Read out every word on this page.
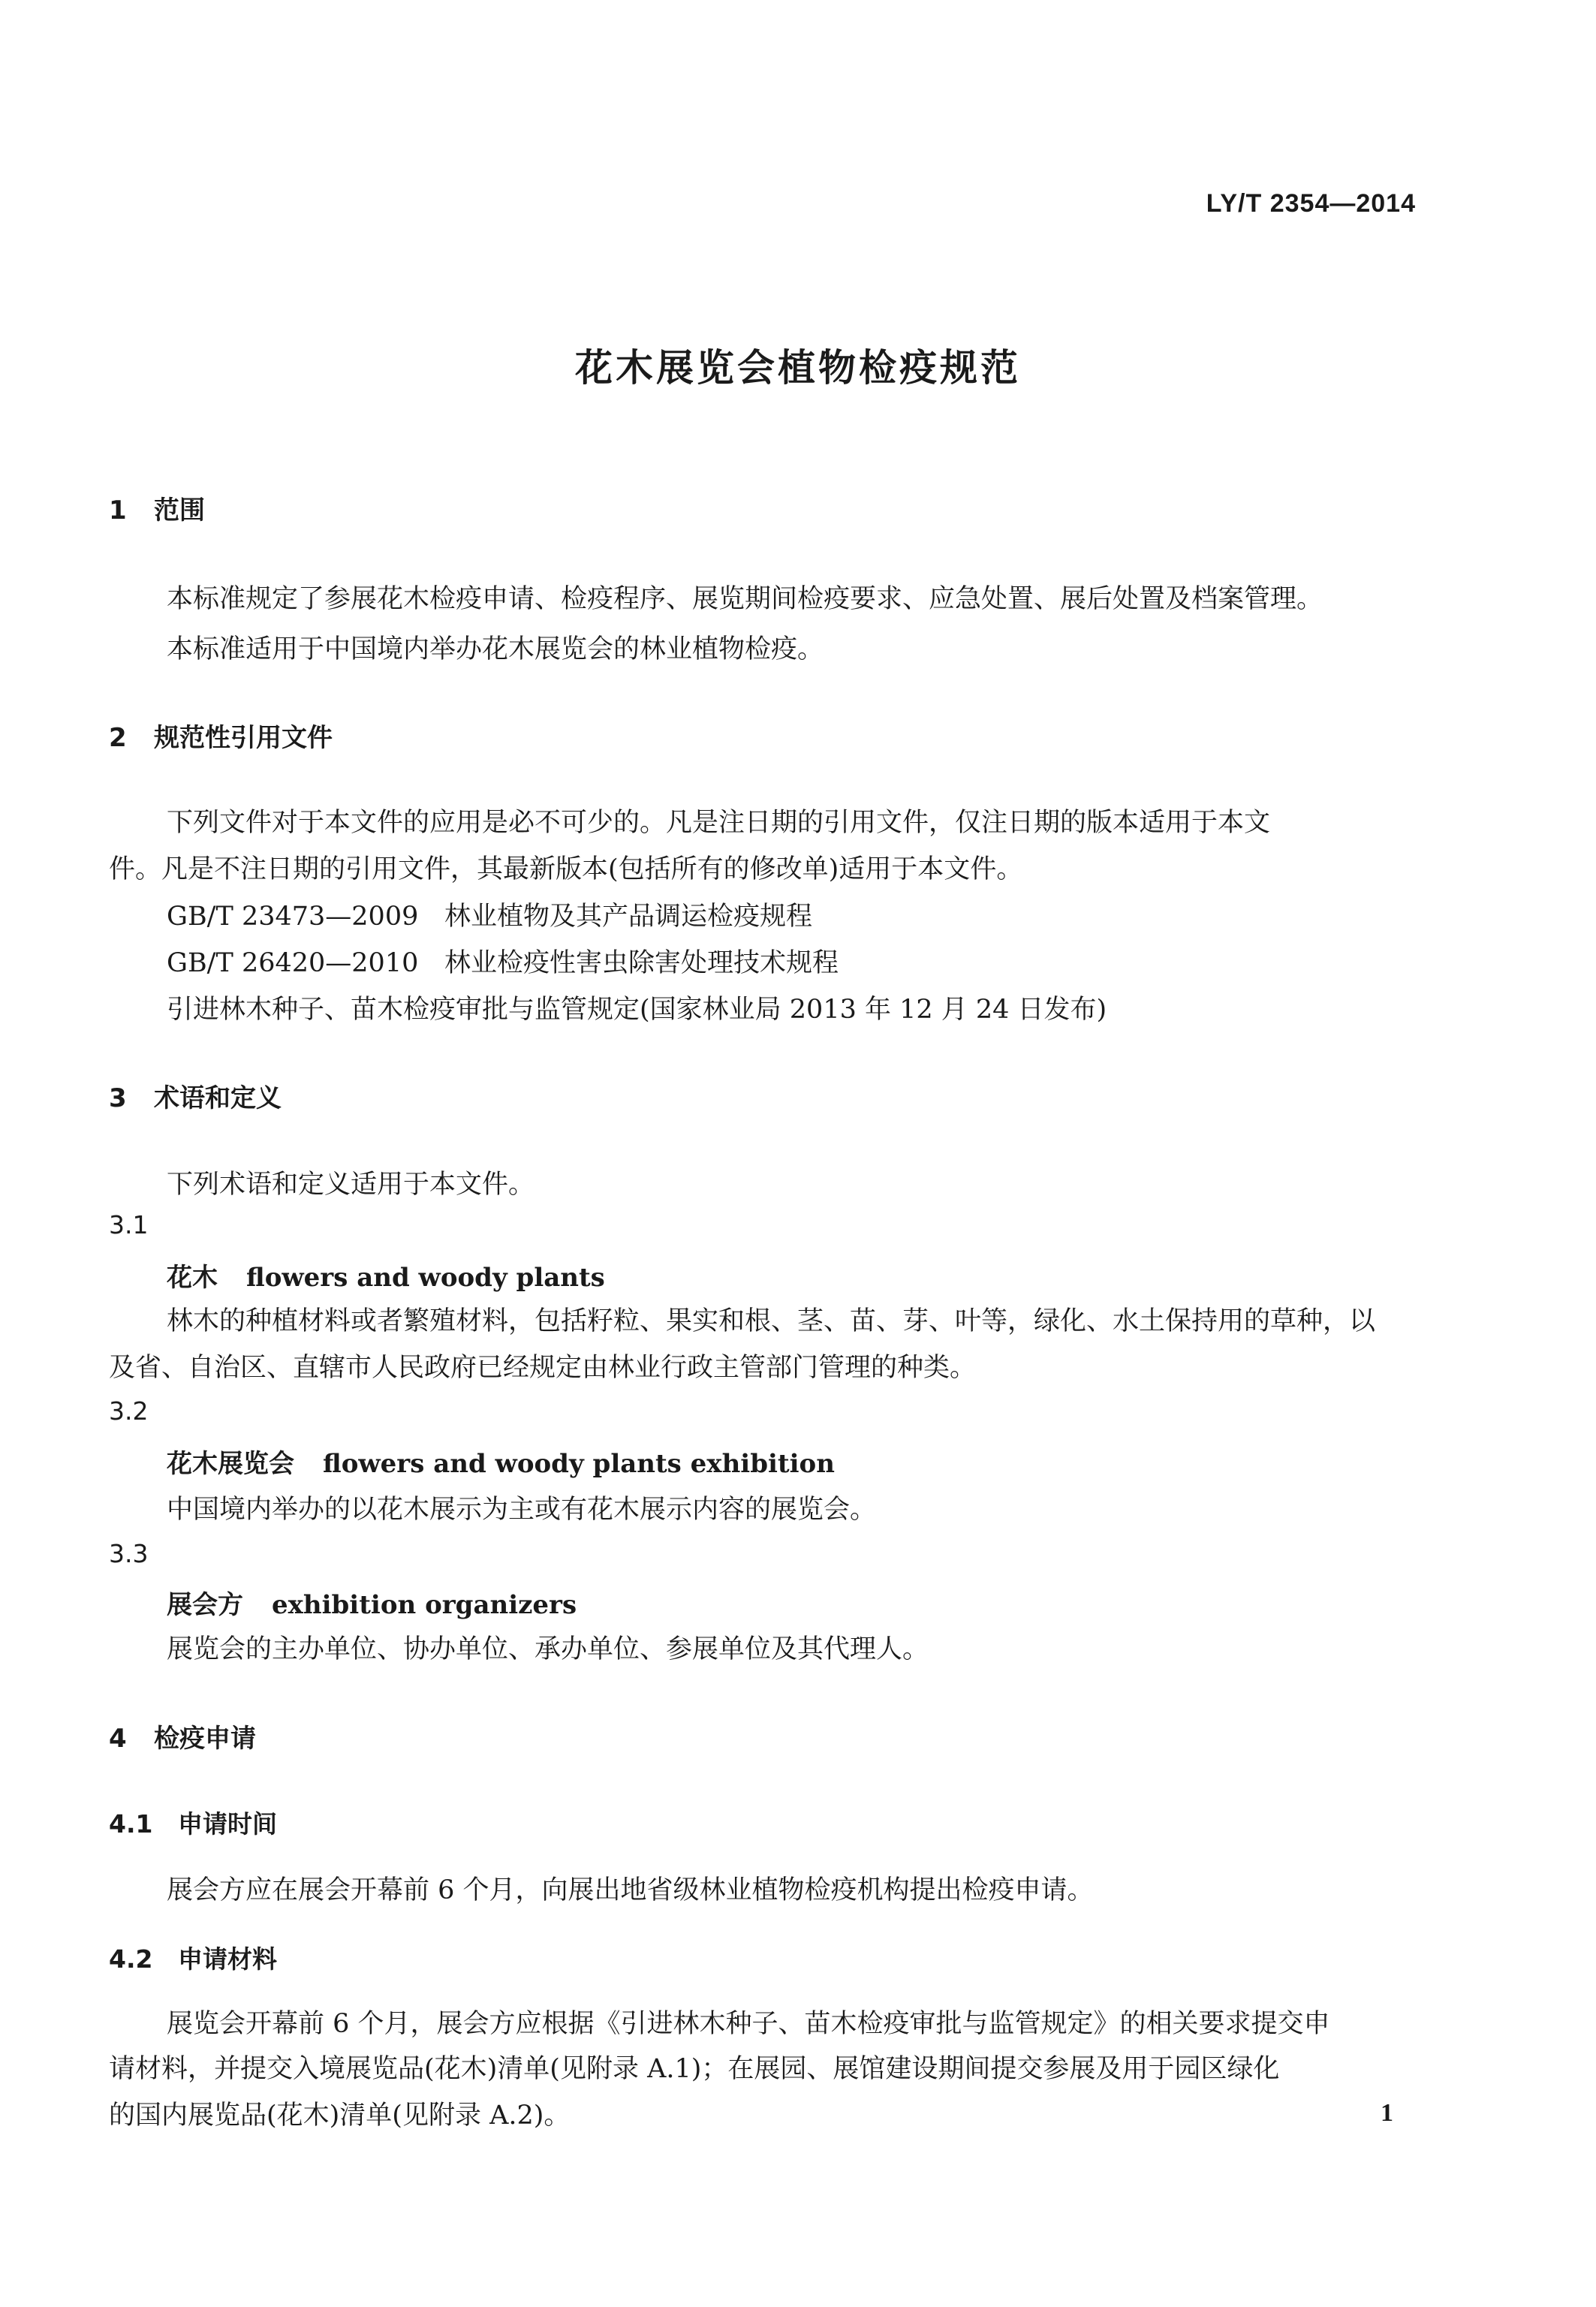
LY/T 2354—2014
花木展览会植物检疫规范
1 范围
本标准规定了参展花木检疫申请、检疫程序、展览期间检疫要求、应急处置、展后处置及档案管理。
本标准适用于中国境内举办花木展览会的林业植物检疫。
2 规范性引用文件
下列文件对于本文件的应用是必不可少的。凡是注日期的引用文件，仅注日期的版本适用于本文
件。凡是不注日期的引用文件，其最新版本(包括所有的修改单)适用于本文件。
GB/T 23473—2009 林业植物及其产品调运检疫规程
GB/T 26420—2010 林业检疫性害虫除害处理技术规程
引进林木种子、苗木检疫审批与监管规定(国家林业局 2013 年 12 月 24 日发布)
3 术语和定义
下列术语和定义适用于本文件。
3.1
花木 flowers and woody plants
林木的种植材料或者繁殖材料，包括籽粒、果实和根、茎、苗、芽、叶等，绿化、水土保持用的草种，以
及省、自治区、直辖市人民政府已经规定由林业行政主管部门管理的种类。
3.2
花木展览会 flowers and woody plants exhibition
中国境内举办的以花木展示为主或有花木展示内容的展览会。
3.3
展会方 exhibition organizers
展览会的主办单位、协办单位、承办单位、参展单位及其代理人。
4 检疫申请
4.1 申请时间
展会方应在展会开幕前 6 个月，向展出地省级林业植物检疫机构提出检疫申请。
4.2 申请材料
展览会开幕前 6 个月，展会方应根据《引进林木种子、苗木检疫审批与监管规定》的相关要求提交申
请材料，并提交入境展览品(花木)清单(见附录 A.1)；在展园、展馆建设期间提交参展及用于园区绿化
的国内展览品(花木)清单(见附录 A.2)。	1
